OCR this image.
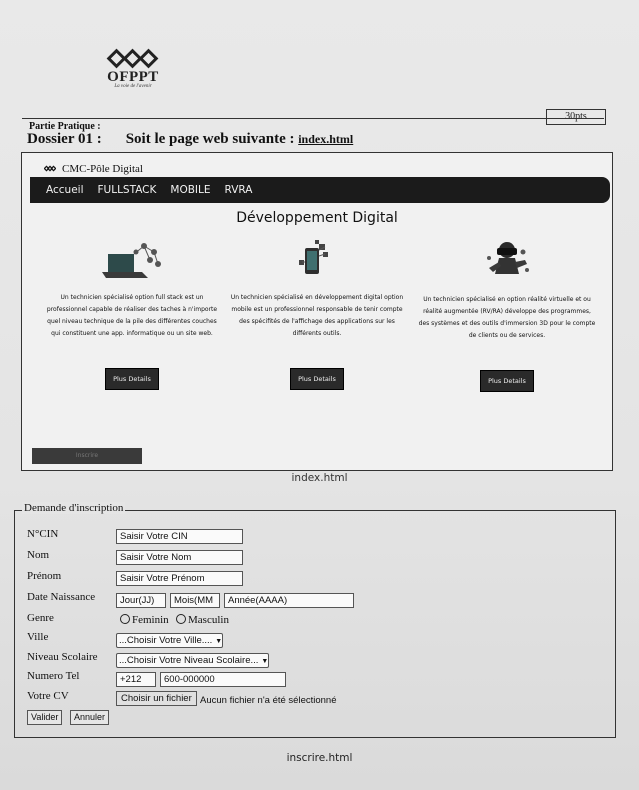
OFPPT
La voie de l'avenir
30pts
Partie Pratique :
Dossier 01 : Soit le page web suivante : index.html
CMC-Pôle Digital
Accueil FULLSTACK MOBILE RVRA
Développement Digital

Un technicien spécialisé option full stack est un professionnel capable de réaliser des taches à n'importe quel niveau technique de la pile des différentes couches qui constituent une app. informatique ou un site web.

Plus Details

Un technicien spécialisé en développement digital option mobile est un professionnel responsable de tenir compte des spécifités de l'affichage des applications sur les différents outils.

Plus Details

Un technicien spécialisé en option réalité virtuelle et ou réalité augmentée (RV/RA) développe des programmes, des systèmes et des outils d'immersion 3D pour le compte de clients ou de services.

Plus Details
Inscrire
index.html
Demande d'inscription
N°CIN	Saisir Votre CIN
Nom	Saisir Votre Nom
Prénom	Saisir Votre Prénom
Date Naissance	Jour(JJ)	Mois(MM	Année(AAAA)
Genre	Feminin	Masculin
Ville	...Choisir Votre Ville.... ▼
Niveau Scolaire	...Choisir Votre Niveau Scolaire... ▼
Numero Tel	+212	600-000000
Votre CV	Choisir un fichier Aucun fichier n'a été sélectionné
Valider	Annuler
inscrire.html
